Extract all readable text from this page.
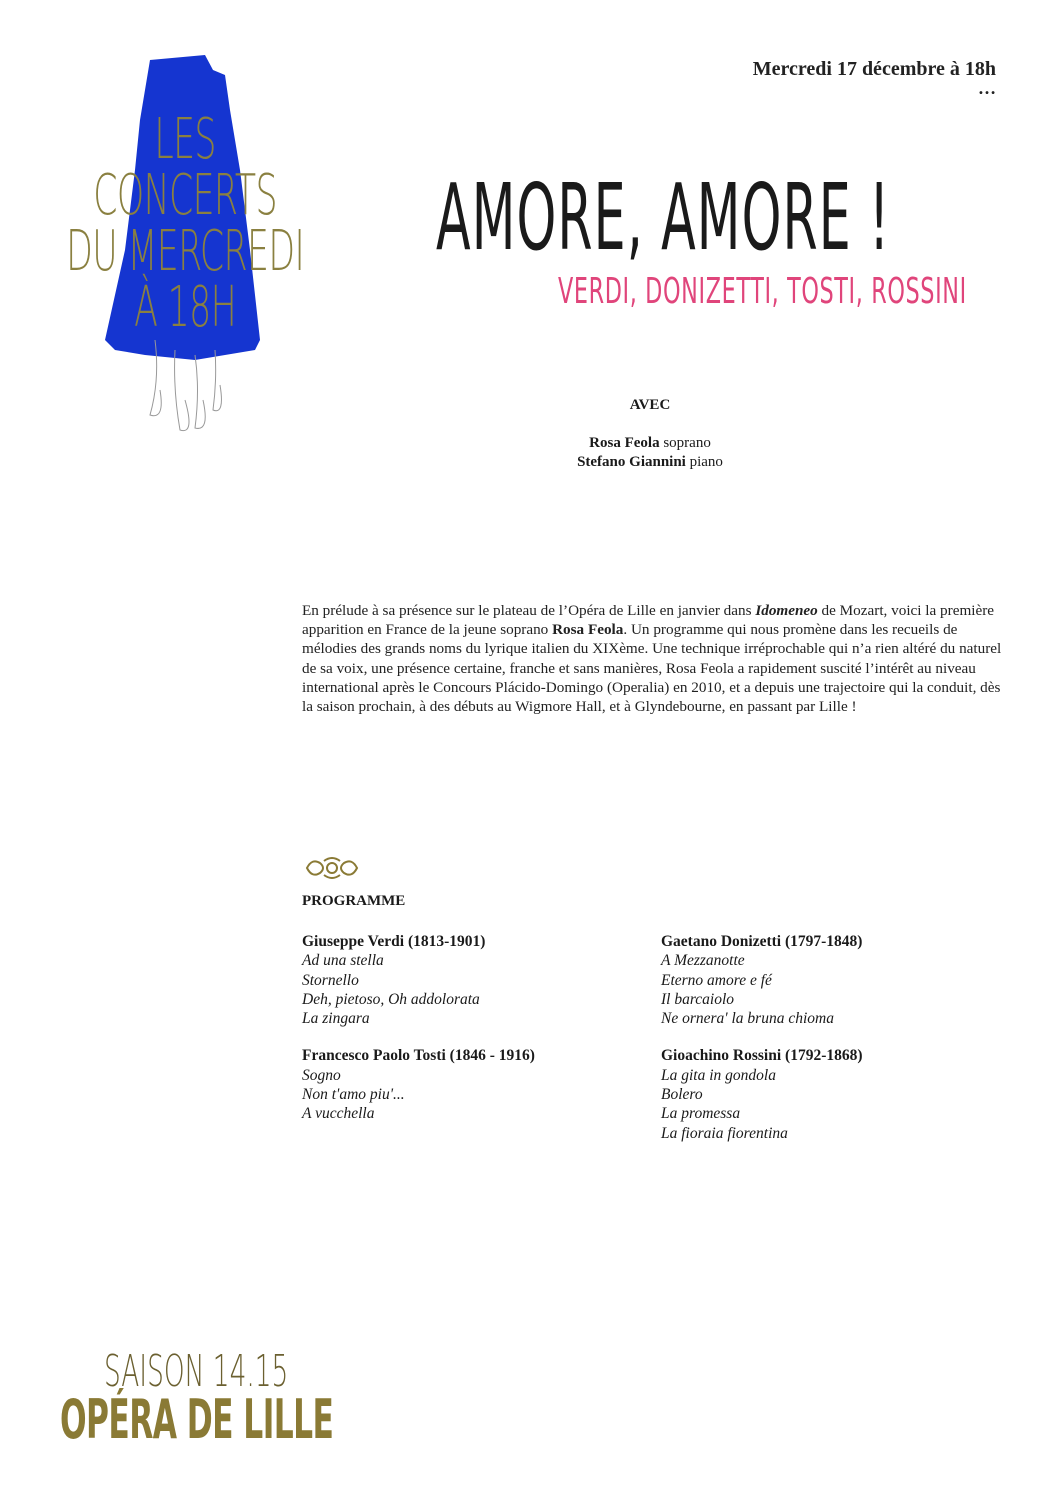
Mercredi 17 décembre à 18h
…
LES CONCERTS
DU MERCREDI
À 18H
AMORE, AMORE !
VERDI, DONIZETTI, TOSTI, ROSSINI
AVEC
Rosa Feola soprano
Stefano Giannini piano
En prélude à sa présence sur le plateau de l’Opéra de Lille en janvier dans Idomeneo de Mozart, voici la première apparition en France de la jeune soprano Rosa Feola. Un programme qui nous promène dans les recueils de mélodies des grands noms du lyrique italien du XIXème. Une technique irréprochable qui n’a rien altéré du naturel de sa voix, une présence certaine, franche et sans manières, Rosa Feola a rapidement suscité l’intérêt au niveau international après le Concours Plácido-Domingo (Operalia) en 2010, et a depuis une trajectoire qui la conduit, dès la saison prochain, à des débuts au Wigmore Hall, et à Glyndebourne, en passant par Lille !
PROGRAMME
Giuseppe Verdi (1813-1901)
Ad una stella
Stornello
Deh, pietoso, Oh addolorata
La zingara
Francesco Paolo Tosti (1846 - 1916)
Sogno
Non t'amo piu'...
A vucchella
Gaetano Donizetti (1797-1848)
A Mezzanotte
Eterno amore e fé
Il barcaiolo
Ne ornera' la bruna chioma
Gioachino Rossini (1792-1868)
La gita in gondola
Bolero
La promessa
La fioraia fiorentina
SAISON 14.15
OPÉRA DE LILLE
